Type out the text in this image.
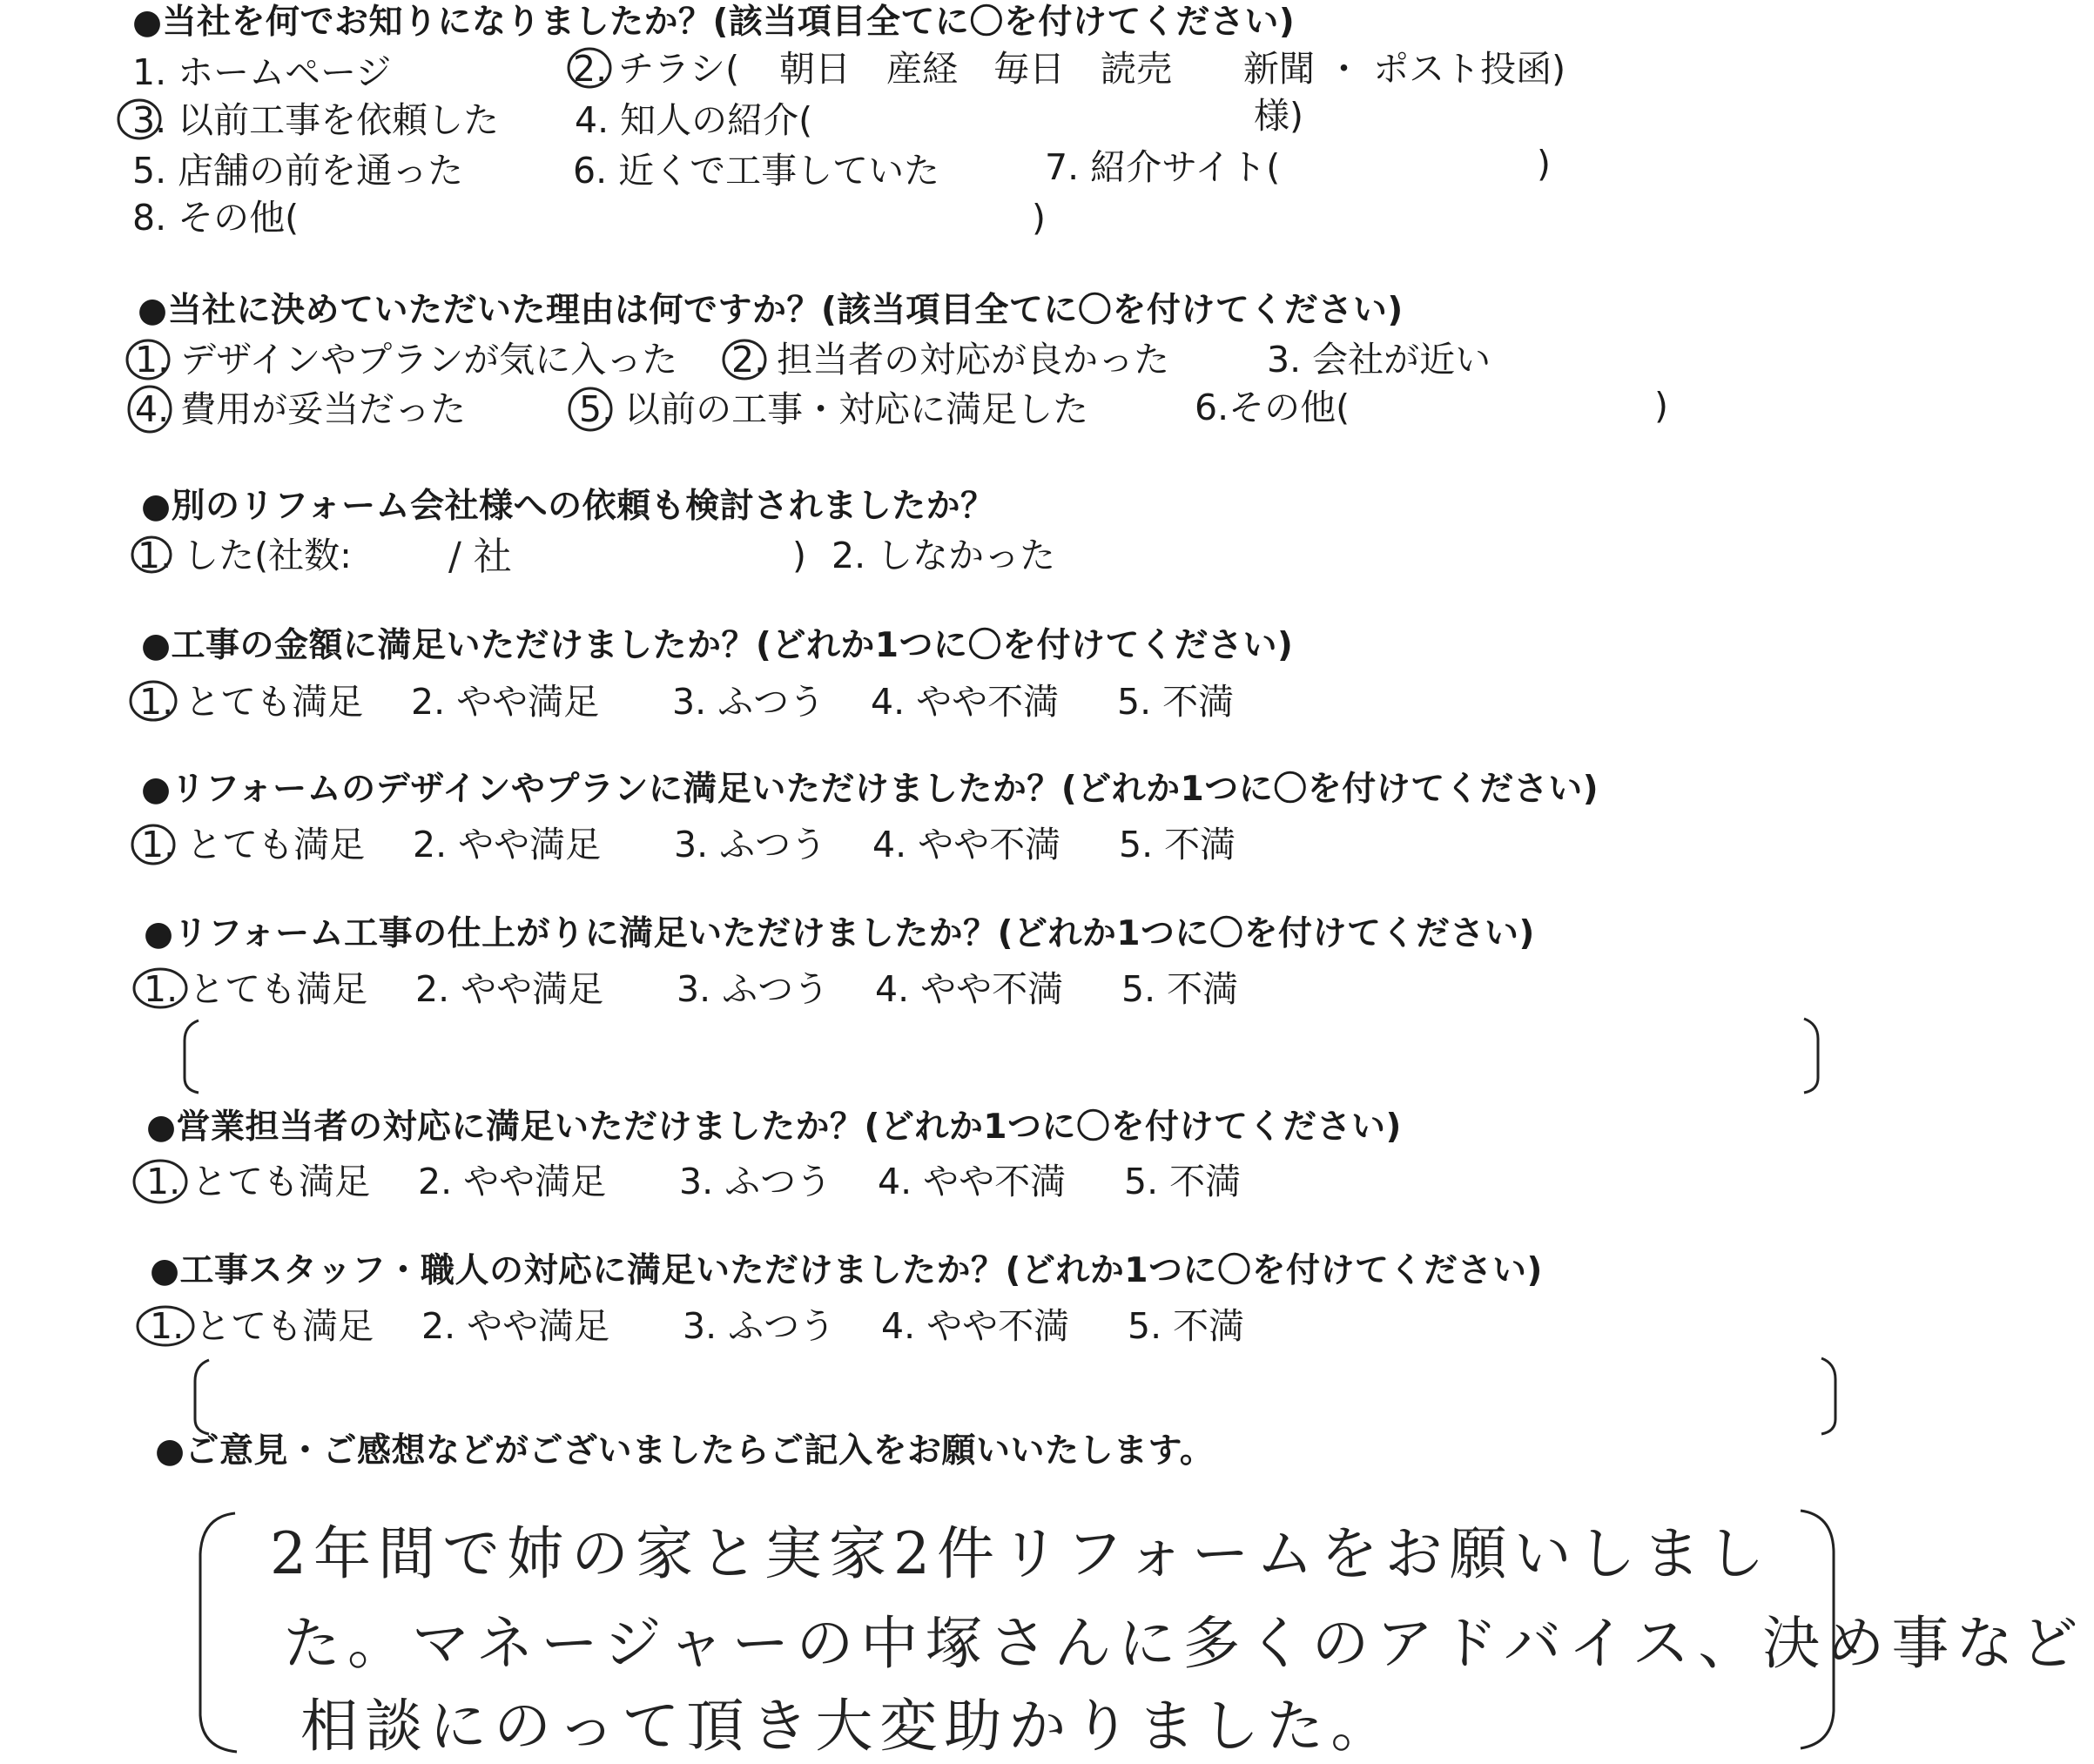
●当社を何でお知りになりましたか？(該当項目全てに〇を付けてください)
1. ホームページ	2. チラシ( 朝日　産経　毎日　読売　　新聞 ・ ポスト投函)
3. 以前工事を依頼した 4. 知人の紹介(	様)
5. 店舗の前を通った	6. 近くで工事していた	7. 紹介サイト(	)
8. その他(	)
●当社に決めていただいた理由は何ですか？(該当項目全てに〇を付けてください)
1. デザインやプランが気に入った 2. 担当者の対応が良かった	3. 会社が近い
4. 費用が妥当だった	5. 以前の工事・対応に満足した	6.その他(	)
●別のリフォーム会社様への依頼も検討されましたか？
1. した(社数:	/ 社	) 2. しなかった
●工事の金額に満足いただけましたか？(どれか1つに〇を付けてください)
1. とても満足 2. やや満足 3. ふつう 4. やや不満 5. 不満
●リフォームのデザインやプランに満足いただけましたか？(どれか1つに〇を付けてください)
1. とても満足 2. やや満足 3. ふつう 4. やや不満 5. 不満
●リフォーム工事の仕上がりに満足いただけましたか？(どれか1つに〇を付けてください)
1. とても満足 2. やや満足 3. ふつう 4. やや不満 5. 不満
●営業担当者の対応に満足いただけましたか？(どれか1つに〇を付けてください)
1. とても満足 2. やや満足 3. ふつう 4. やや不満 5. 不満
●工事スタッフ・職人の対応に満足いただけましたか？(どれか1つに〇を付けてください)
1. とても満足 2. やや満足 3. ふつう 4. やや不満 5. 不満
●ご意見・ご感想などがございましたらご記入をお願いいたします。
2年間で姉の家と実家2件リフォームをお願いしまし
た。マネージャーの中塚さんに多くのアドバイス、決め事など
相談にのって頂き大変助かりました。
